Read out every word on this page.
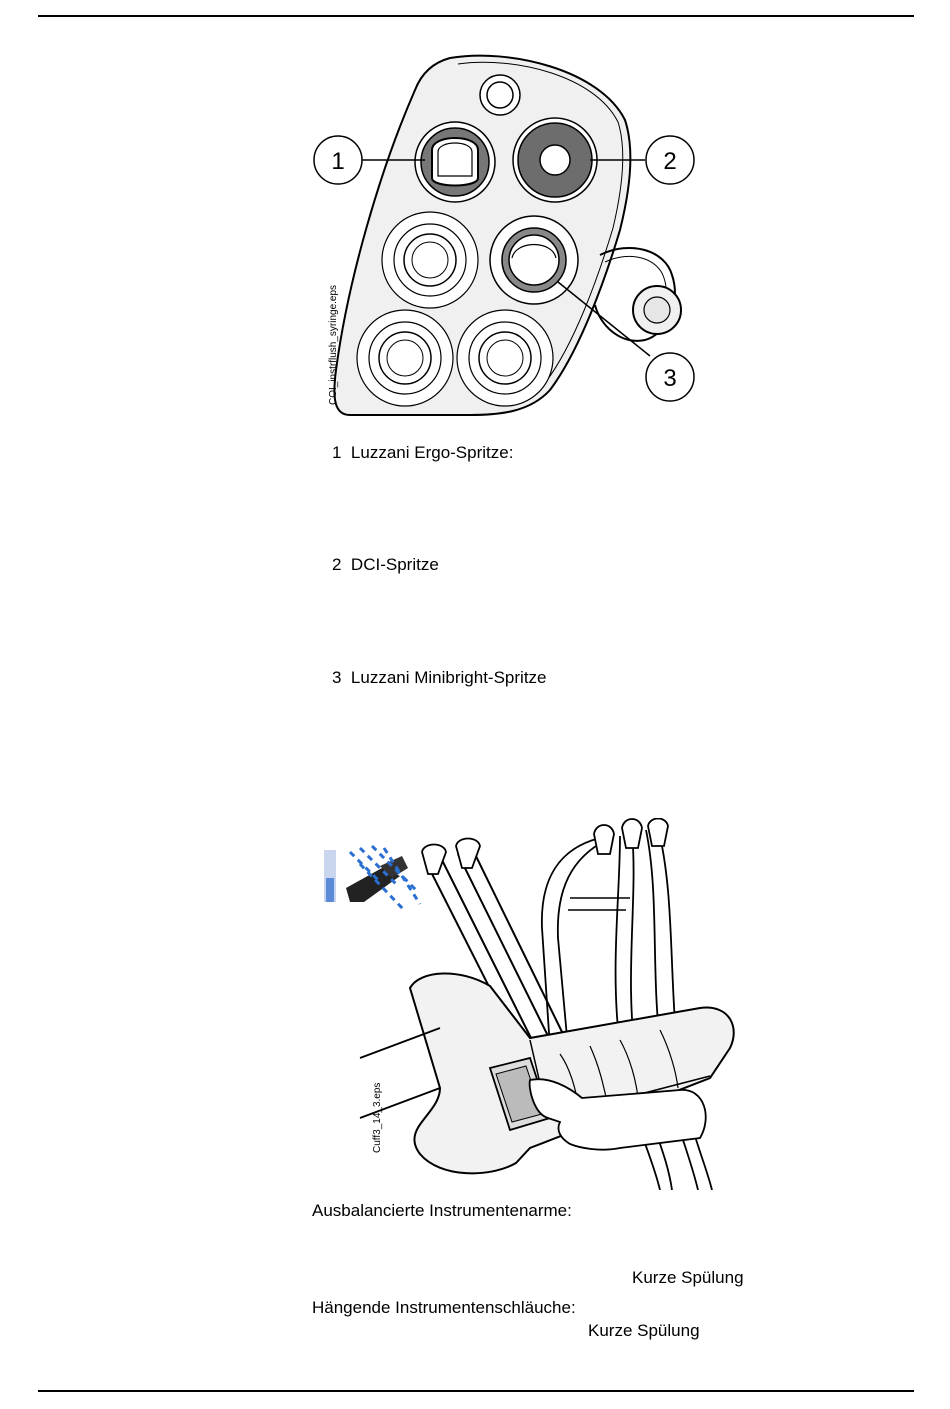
1	2
3
COI_instrflush_syringe.eps
1 Luzzani Ergo-Spritze:
2 DCI-Spritze
3 Luzzani Minibright-Spritze
Cuff3_14_3.eps
Ausbalancierte Instrumentenarme:
Kurze Spülung
Hängende Instrumentenschläuche:
Kurze Spülung
